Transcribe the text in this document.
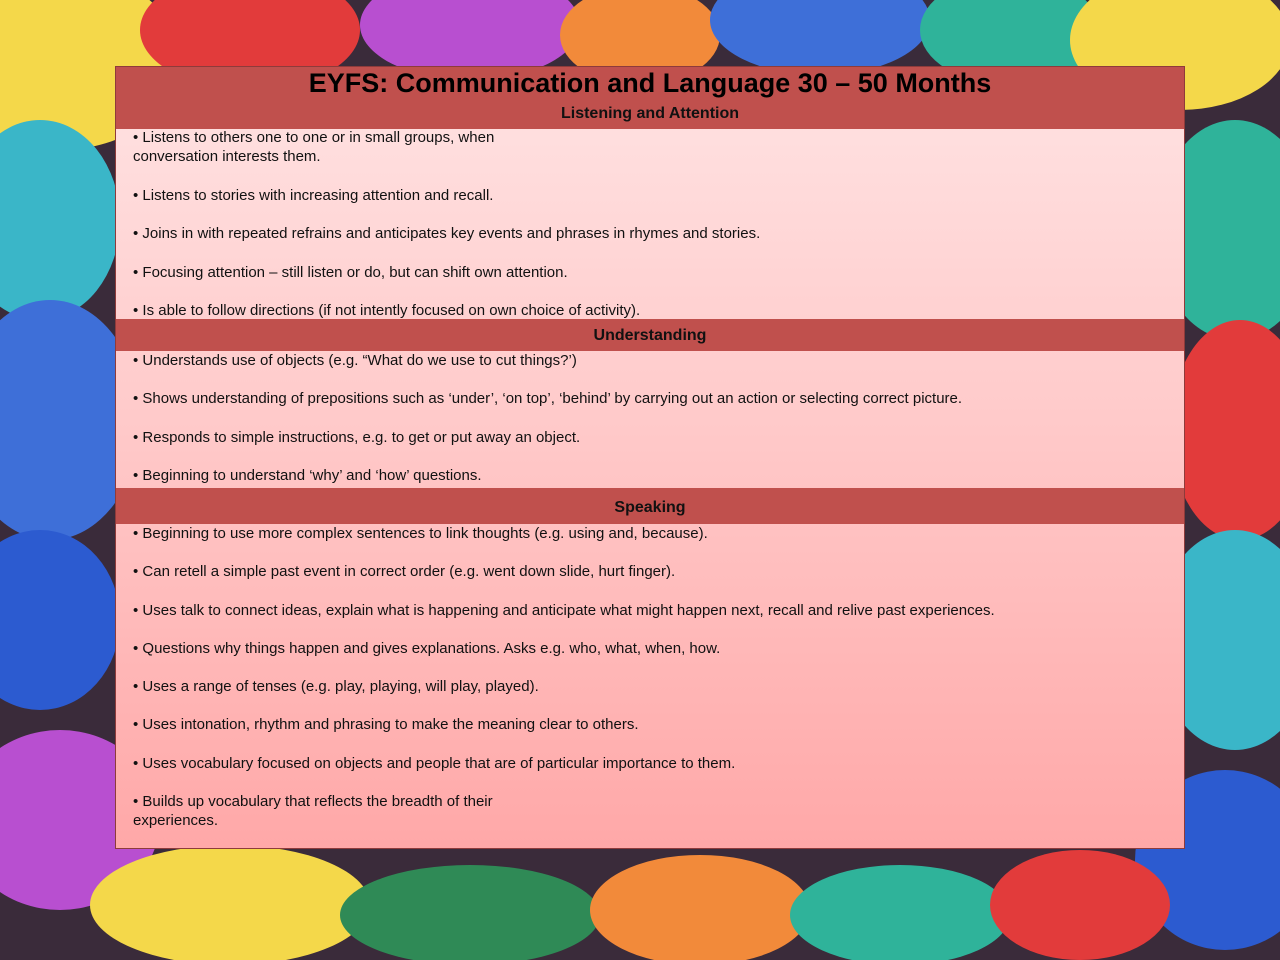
EYFS: Communication and Language 30 – 50 Months
Listening and Attention
• Listens to others one to one or in small groups, when conversation interests them.
• Listens to stories with increasing attention and recall.
• Joins in with repeated refrains and anticipates key events and phrases in rhymes and stories.
• Focusing attention – still listen or do, but can shift own attention.
• Is able to follow directions (if not intently focused on own choice of activity).
Understanding
• Understands use of objects (e.g. “What do we use to cut things?’)
• Shows understanding of prepositions such as ‘under’, ‘on top’, ‘behind’ by carrying out an action or selecting correct picture.
• Responds to simple instructions, e.g. to get or put away an object.
• Beginning to understand ‘why’ and ‘how’ questions.
Speaking
• Beginning to use more complex sentences to link thoughts (e.g. using and, because).
• Can retell a simple past event in correct order (e.g. went down slide, hurt finger).
• Uses talk to connect ideas, explain what is happening and anticipate what might happen next, recall and relive past experiences.
• Questions why things happen and gives explanations. Asks e.g. who, what, when, how.
• Uses a range of tenses (e.g. play, playing, will play, played).
• Uses intonation, rhythm and phrasing to make the meaning clear to others.
• Uses vocabulary focused on objects and people that are of particular importance to them.
• Builds up vocabulary that reflects the breadth of their experiences.
